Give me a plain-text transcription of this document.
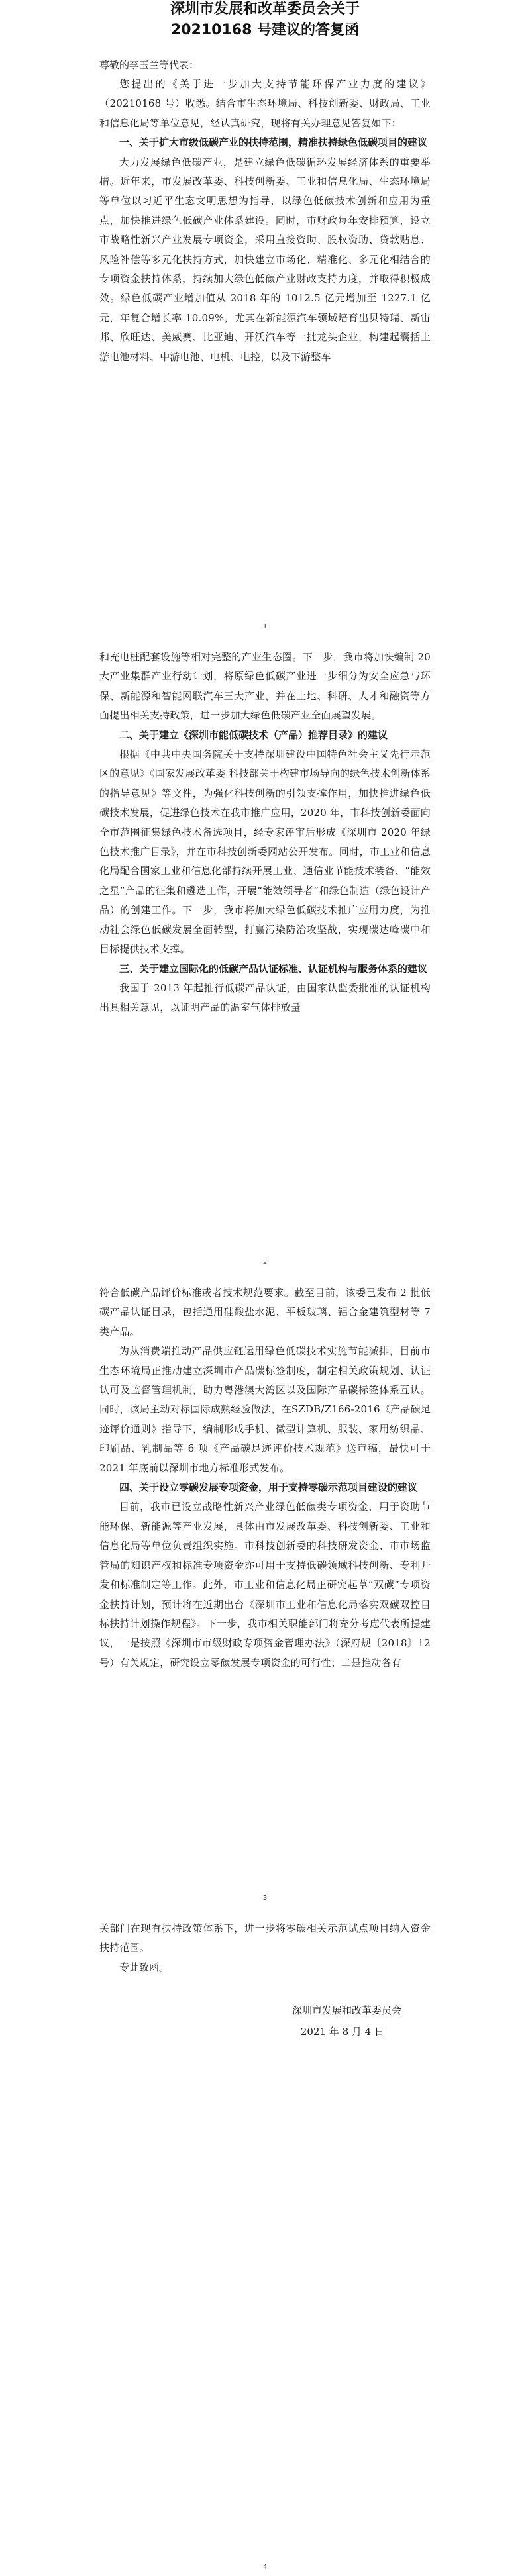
深圳市发展和改革委员会关于
20210168 号建议的答复函
尊敬的李玉兰等代表：

您提出的《关于进一步加大支持节能环保产业力度的建议》（20210168 号）收悉。结合市生态环境局、科技创新委、财政局、工业和信息化局等单位意见，经认真研究，现将有关办理意见答复如下：

一、关于扩大市级低碳产业的扶持范围，精准扶持绿色低碳项目的建议

大力发展绿色低碳产业，是建立绿色低碳循环发展经济体系的重要举措。近年来，市发展改革委、科技创新委、工业和信息化局、生态环境局等单位以习近平生态文明思想为指导，以绿色低碳技术创新和应用为重点，加快推进绿色低碳产业体系建设。同时，市财政每年安排预算，设立市战略性新兴产业发展专项资金，采用直接资助、股权资助、贷款贴息、风险补偿等多元化扶持方式，加快建立市场化、精准化、多元化相结合的专项资金扶持体系，持续加大绿色低碳产业财政支持力度，并取得积极成效。绿色低碳产业增加值从 2018 年的 1012.5 亿元增加至 1227.1 亿元，年复合增长率 10.09%，尤其在新能源汽车领域培育出贝特瑞、新宙邦、欣旺达、美威赛、比亚迪、开沃汽车等一批龙头企业，构建起囊括上游电池材料、中游电池、电机、电控，以及下游整车

1

和充电桩配套设施等相对完整的产业生态圈。下一步，我市将加快编制 20 大产业集群产业行动计划，将原绿色低碳产业进一步细分为安全应急与环保、新能源和智能网联汽车三大产业，并在土地、科研、人才和融资等方面提出相关支持政策，进一步加大绿色低碳产业全面展望发展。

二、关于建立《深圳市能低碳技术（产品）推荐目录》的建议

根据《中共中央国务院关于支持深圳建设中国特色社会主义先行示范区的意见》《国家发展改革委 科技部关于构建市场导向的绿色技术创新体系的指导意见》等文件，为强化科技创新的引领支撑作用，加快推进绿色低碳技术发展，促进绿色技术在我市推广应用，2020 年，市科技创新委面向全市范围征集绿色技术备选项目，经专家评审后形成《深圳市 2020 年绿色技术推广目录》，并在市科技创新委网站公开发布。同时，市工业和信息化局配合国家工业和信息化部持续开展工业、通信业节能技术装备、“能效之星”产品的征集和遴选工作，开展“能效领导者”和绿色制造（绿色设计产品）的创建工作。下一步，我市将加大绿色低碳技术推广应用力度，为推动社会绿色低碳发展全面转型，打赢污染防治攻坚战，实现碳达峰碳中和目标提供技术支撑。

三、关于建立国际化的低碳产品认证标准、认证机构与服务体系的建议

我国于 2013 年起推行低碳产品认证，由国家认监委批准的认证机构出具相关意见，以证明产品的温室气体排放量

2

符合低碳产品评价标准或者技术规范要求。截至目前，该委已发布 2 批低碳产品认证目录，包括通用硅酸盐水泥、平板玻璃、铝合金建筑型材等 7 类产品。

为从消费端推动产品供应链运用绿色低碳技术实施节能减排，目前市生态环境局正推动建立深圳市产品碳标签制度，制定相关政策规划、认证认可及监督管理机制，助力粤港澳大湾区以及国际产品碳标签体系互认。同时，该局主动对标国际成熟经验做法，在SZDB/Z166-2016《产品碳足迹评价通则》指导下，编制形成手机、微型计算机、服装、家用纺织品、印刷品、乳制品等 6 项《产品碳足迹评价技术规范》送审稿，最快可于 2021 年底前以深圳市地方标准形式发布。

四、关于设立零碳发展专项资金，用于支持零碳示范项目建设的建议

目前，我市已设立战略性新兴产业绿色低碳类专项资金，用于资助节能环保、新能源等产业发展，具体由市发展改革委、科技创新委、工业和信息化局等单位负责组织实施。市科技创新委的科技研发资金、市市场监管局的知识产权和标准专项资金亦可用于支持低碳领域科技创新、专利开发和标准制定等工作。此外，市工业和信息化局正研究起草“双碳”专项资金扶持计划，预计将在近期出台《深圳市工业和信息化局落实双碳双控目标扶持计划操作规程》。下一步，我市相关职能部门将充分考虑代表所提建议，一是按照《深圳市市级财政专项资金管理办法》（深府规〔2018〕12 号）有关规定，研究设立零碳发展专项资金的可行性；二是推动各有

3

关部门在现有扶持政策体系下，进一步将零碳相关示范试点项目纳入资金扶持范围。

专此致函。
深圳市发展和改革委员会
2021 年 8 月 4 日
4
